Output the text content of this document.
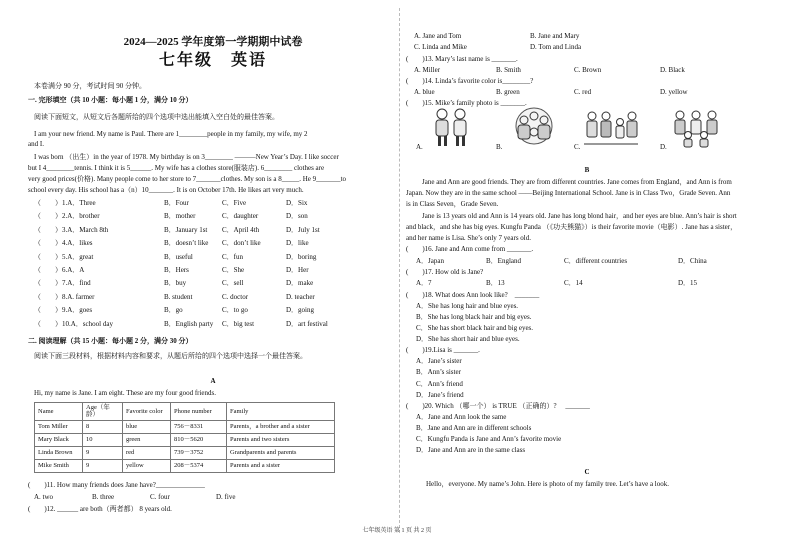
2024—2025 学年度第一学期期中试卷
七年级　英语
本卷满分 90 分，考试时间 90 分钟。
一. 完形填空（共 10 小题：每小题 1 分，满分 10 分）
阅读下面短文，从短文后各题所给的四个选项中选出能填入空白处的最佳答案。
I am your new friend. My name is Paul. There are 1________people in my family, my wife, my 2
and I.
I was born （出生）in the year of 1978. My birthday is on 3________ ———New Year’s Day. I like soccer
but I 4________tennis. I think it is 5______. My wife has a clothes store(服装店). 6________ clothes are
very good prices(价格). Many people come to her store to 7_______clothes. My son is a 8_____. He 9_______to
school every day. His school has a（n）10_______. It is on October 17th. He likes art very much.
（　　）1.A．Three	B．Four	C．Five	D．Six
（　　）2.A．brother	B．mother	C．daughter	D．son
（　　）3.A．March 8th	B．January 1st C．April 4th	D．July 1st
（　　）4.A．likes	B．doesn’t like C．don’t like	D．like
（　　）5.A．great	B．useful	C．fun	D．boring
（　　）6.A．A	B．Hers	C．She	D．Her
（　　）7.A．find	B．buy	C．sell	D．make
（　　）8.A. farmer	B. student	C. doctor	D. teacher
（　　）9.A．goes	B．go	C．to go	D．going
（　　）10.A．school day	B．English party C．big test	D．art festival
二. 阅读理解（共 15 小题：每小题 2 分，满分 30 分）
阅读下面三段材料，根据材料内容和要求，从题后所给的四个选项中选择一个最佳答案。
A
Hi, my name is Jane. I am eight. These are my four good friends.
Name	Age（年龄）	Favorite color	Phone number	Family
Tom Miller	8	blue	756－8331	Parents，a brother and a sister
Mary Black	10	green	810－5620	Parents and two sisters
Linda Brown	9	red	739－3752	Grandparents and parents
Mike Smith	9	yellow	208－5374	Parents and a sister
(　　)11. How many friends does Jane have?______________
A. two	B. three	C. four	D. five
(　　)12. ______ are both（两者都） 8 years old.
A. Jane and Tom	B. Jane and Mary
C. Linda and Mike	D. Tom and Linda
(　　)13. Mary’s last name is _______.
A. Miller	B. Smith	C. Brown	D. Black
(　　)14. Linda’s favorite color is________?
A. blue	B. green	C. red	D. yellow
(　　)15. Mike’s family photo is _______.
A.	B.	C.	D.
B
Jane and Ann are good friends. They are from different countries. Jane comes from England，and Ann is from
Japan. Now they are in the same school ——Beijing International School. Jane is in Class Two，Grade Seven. Ann
is in Class Seven，Grade Seven.
Jane is 13 years old and Ann is 14 years old. Jane has long blond hair，and her eyes are blue. Ann’s hair is short
and black，and she has big eyes. Kungfu Panda （《功夫熊猫》）is their favorite movie（电影）. Jane has a sister，
and her name is Lisa. She’s only 7 years old.
(　　)16. Jane and Ann come from _______.
A．Japan	B．England	C．different countries	D．China
(　　)17. How old is Jane?
A．7	B．13	C．14	D．15
(　　)18. What does Ann look like?　_______
A．She has long hair and blue eyes.
B．She has long black hair and big eyes.
C．She has short black hair and big eyes.
D．She has short hair and blue eyes.
(　　)19.Lisa is _______.
A．Jane’s sister
B．Ann’s sister
C．Ann’s friend
D．Jane’s friend
(　　)20. Which （哪一个） is TRUE （正确的）? 　_______
A．Jane and Ann look the same
B．Jane and Ann are in different schools
C．Kungfu Panda is Jane and Ann’s favorite movie
D．Jane and Ann are in the same class
C
Hello，everyone. My name’s John. Here is photo of my family tree. Let’s have a look.
七年级英语 第 1 页 共 2 页
